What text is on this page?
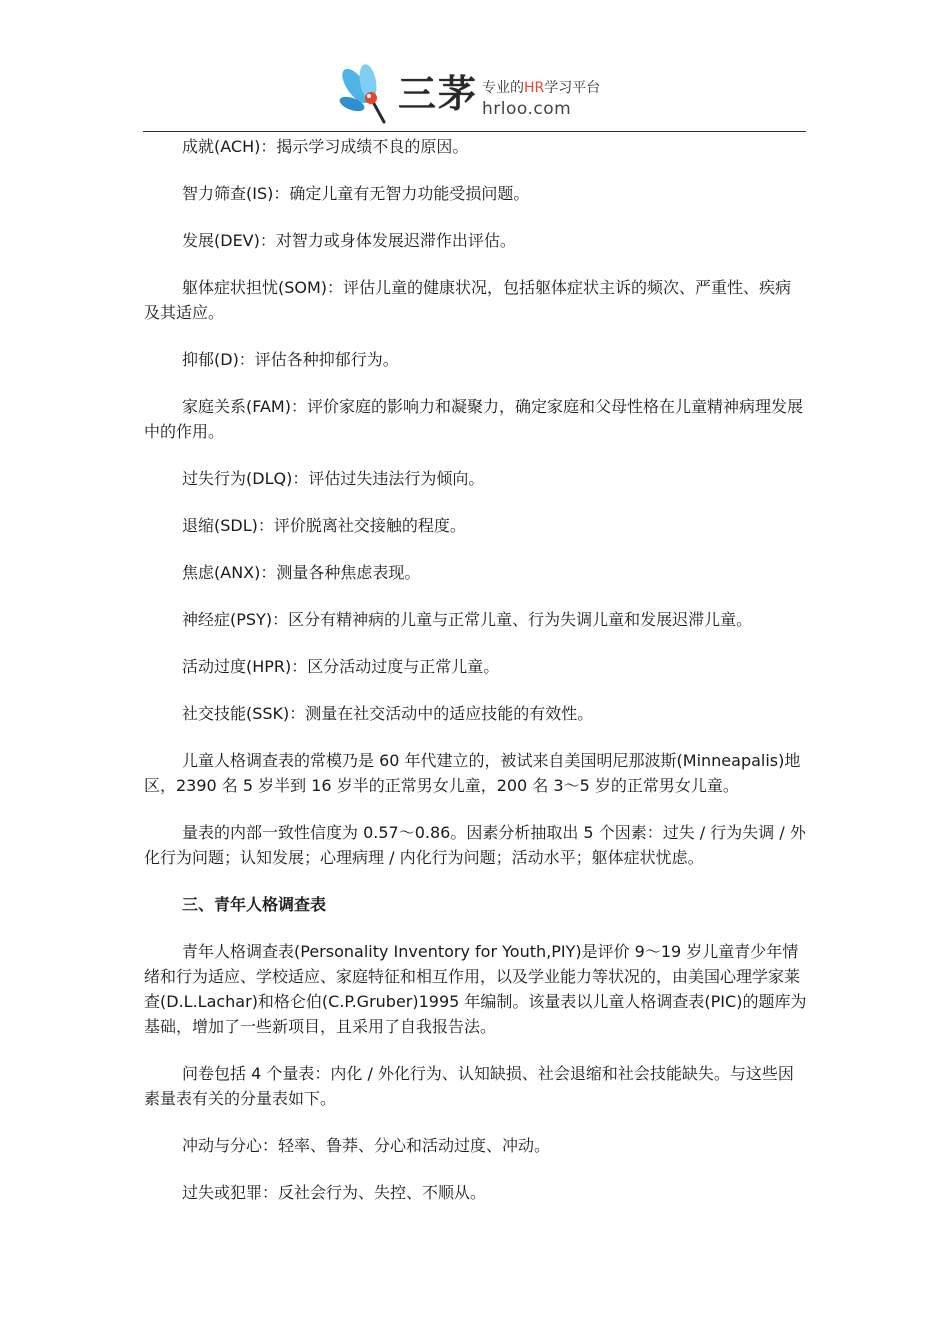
三茅 专业的HR学习平台
hrloo.com

成就(ACH)：揭示学习成绩不良的原因。

智力筛查(IS)：确定儿童有无智力功能受损问题。

发展(DEV)：对智力或身体发展迟滞作出评估。

躯体症状担忧(SOM)：评估儿童的健康状况，包括躯体症状主诉的频次、严重性、疾病及其适应。

抑郁(D)：评估各种抑郁行为。

家庭关系(FAM)：评价家庭的影响力和凝聚力，确定家庭和父母性格在儿童精神病理发展中的作用。

过失行为(DLQ)：评估过失违法行为倾向。

退缩(SDL)：评价脱离社交接触的程度。

焦虑(ANX)：测量各种焦虑表现。

神经症(PSY)：区分有精神病的儿童与正常儿童、行为失调儿童和发展迟滞儿童。

活动过度(HPR)：区分活动过度与正常儿童。

社交技能(SSK)：测量在社交活动中的适应技能的有效性。

儿童人格调查表的常模乃是 60 年代建立的，被试来自美国明尼那波斯(Minneapalis)地区，2390 名 5 岁半到 16 岁半的正常男女儿童，200 名 3～5 岁的正常男女儿童。

量表的内部一致性信度为 0.57～0.86。因素分析抽取出 5 个因素：过失 / 行为失调 / 外化行为问题；认知发展；心理病理 / 内化行为问题；活动水平；躯体症状忧虑。

三、青年人格调查表

青年人格调查表(Personality Inventory for Youth,PIY)是评价 9～19 岁儿童青少年情绪和行为适应、学校适应、家庭特征和相互作用，以及学业能力等状况的，由美国心理学家莱查(D.L.Lachar)和格仑伯(C.P.Gruber)1995 年编制。该量表以儿童人格调查表(PIC)的题库为基础，增加了一些新项目，且采用了自我报告法。

问卷包括 4 个量表：内化 / 外化行为、认知缺损、社会退缩和社会技能缺失。与这些因素量表有关的分量表如下。

冲动与分心：轻率、鲁莽、分心和活动过度、冲动。

过失或犯罪：反社会行为、失控、不顺从。
